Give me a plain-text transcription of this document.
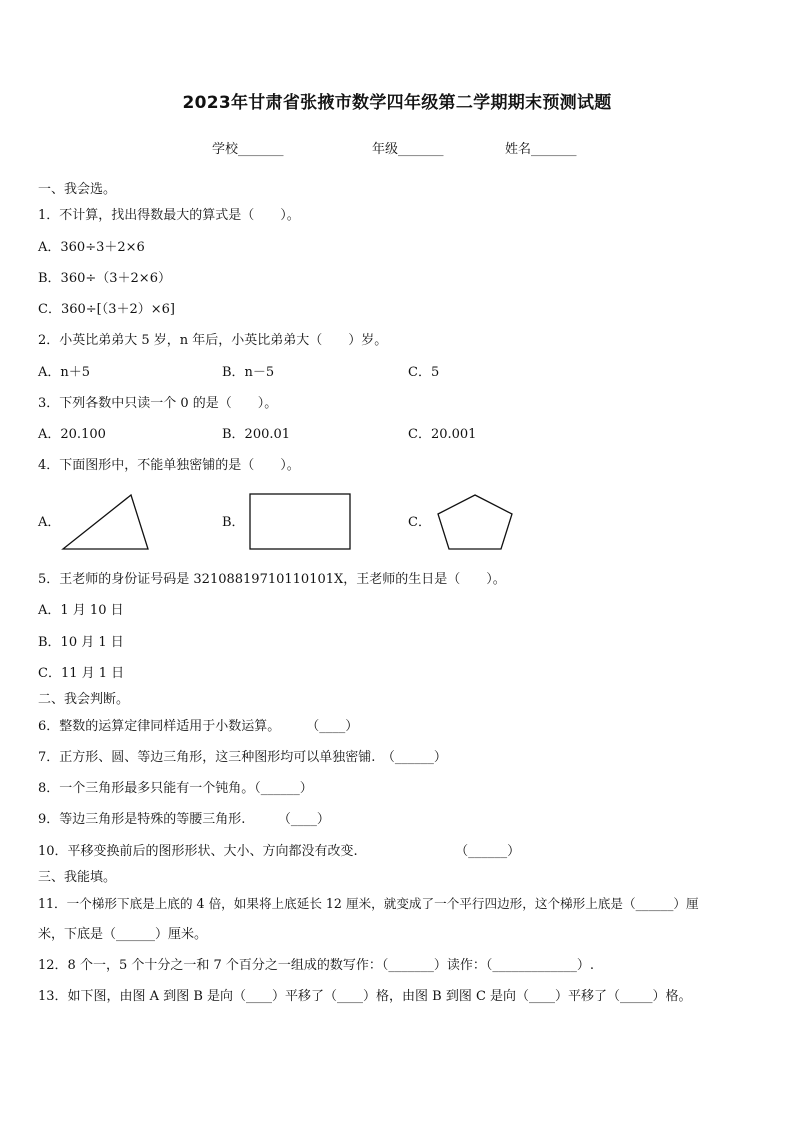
2023年甘肃省张掖市数学四年级第二学期期末预测试题
学校_______	年级_______	姓名_______
一、我会选。
1．不计算，找出得数最大的算式是（　　）。
A．360÷3＋2×6
B．360÷（3＋2×6）
C．360÷[（3＋2）×6]
2．小英比弟弟大 5 岁，n 年后，小英比弟弟大（　　）岁。
A．n＋5	B．n－5	C．5
3．下列各数中只读一个 0 的是（　　）。
A．20.100	B．200.01	C．20.001
4．下面图形中，不能单独密铺的是（　　）。
A．	B．	C．
5．王老师的身份证号码是 32108819710110101X，王老师的生日是（　　）。
A．1 月 10 日
B．10 月 1 日
C．11 月 1 日
二、我会判断。
6．整数的运算定律同样适用于小数运算。　　　（____）
7．正方形、圆、等边三角形，这三种图形均可以单独密铺.　（______）
8．一个三角形最多只能有一个钝角。（______）
9．等边三角形是特殊的等腰三角形.　　　（____）
10．平移变换前后的图形形状、大小、方向都没有改变.　　　　　　　　（______）
三、我能填。
11．一个梯形下底是上底的 4 倍，如果将上底延长 12 厘米，就变成了一个平行四边形，这个梯形上底是（______）厘
米，下底是（______）厘米。
12．8 个一，5 个十分之一和 7 个百分之一组成的数写作：（_______）读作：（_____________）.
13．如下图，由图 A 到图 B 是向（____）平移了（____）格，由图 B 到图 C 是向（____）平移了（_____）格。
